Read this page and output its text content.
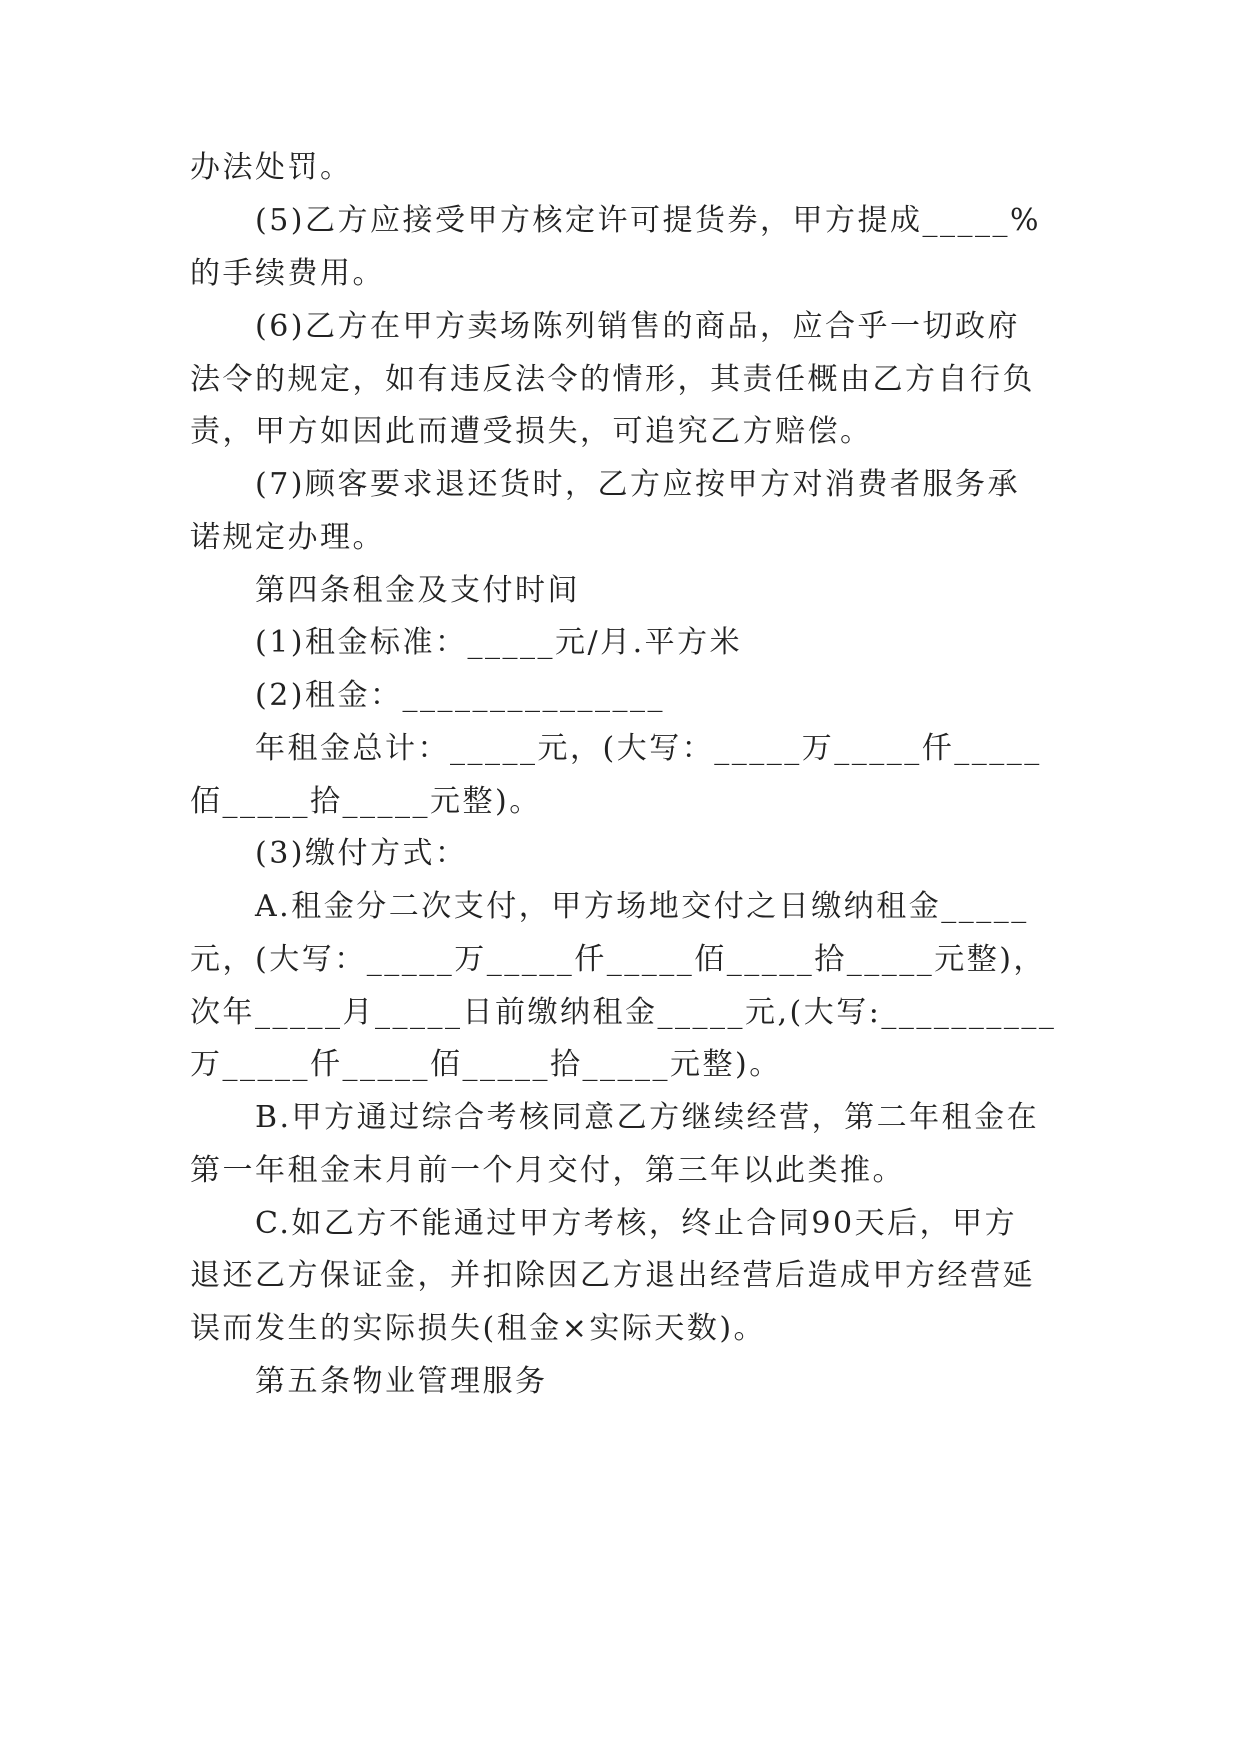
办法处罚。
(5)乙方应接受甲方核定许可提货券，甲方提成_____%
的手续费用。
(6)乙方在甲方卖场陈列销售的商品，应合乎一切政府
法令的规定，如有违反法令的情形，其责任概由乙方自行负
责，甲方如因此而遭受损失，可追究乙方赔偿。
(7)顾客要求退还货时，乙方应按甲方对消费者服务承
诺规定办理。
第四条租金及支付时间
(1)租金标准：_____元/月.平方米
(2)租金：_______________
年租金总计：_____元，(大写：_____万_____仟_____
佰_____拾_____元整)。
(3)缴付方式：
A.租金分二次支付，甲方场地交付之日缴纳租金_____
元，(大写：_____万_____仟_____佰_____拾_____元整)，
次年_____月_____日前缴纳租金_____元,(大写:__________
万_____仟_____佰_____拾_____元整)。
B.甲方通过综合考核同意乙方继续经营，第二年租金在
第一年租金末月前一个月交付，第三年以此类推。
C.如乙方不能通过甲方考核，终止合同90天后，甲方
退还乙方保证金，并扣除因乙方退出经营后造成甲方经营延
误而发生的实际损失(租金×实际天数)。
第五条物业管理服务
